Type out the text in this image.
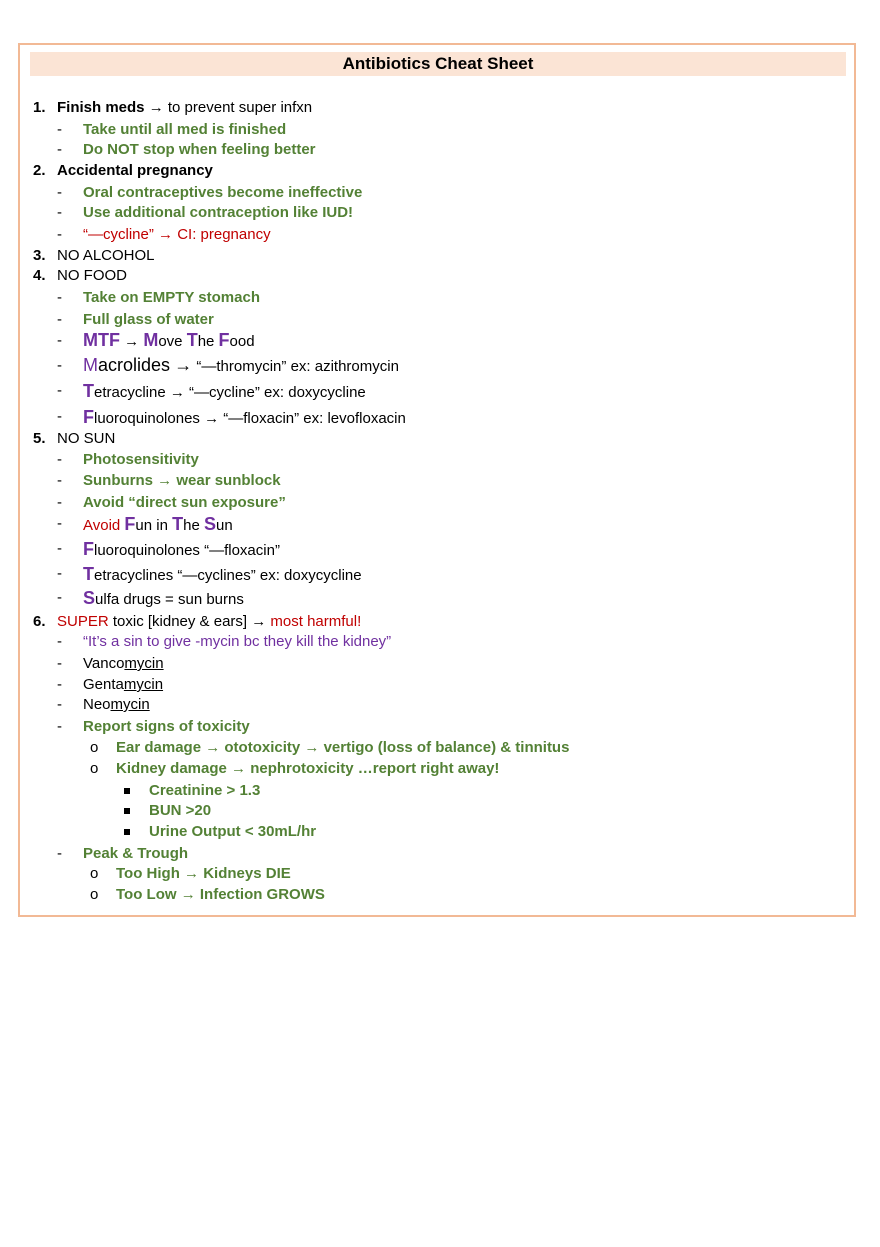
Antibiotics Cheat Sheet
1. Finish meds → to prevent super infxn
- Take until all med is finished
- Do NOT stop when feeling better
2. Accidental pregnancy
- Oral contraceptives become ineffective
- Use additional contraception like IUD!
- “—cycline” → CI: pregnancy
3. NO ALCOHOL
4. NO FOOD
- Take on EMPTY stomach
- Full glass of water
- MTF → Move The Food
- Macrolides → “—thromycin” ex: azithromycin
- Tetracycline → “—cycline” ex: doxycycline
- Fluoroquinolones → “—floxacin” ex: levofloxacin
5. NO SUN
- Photosensitivity
- Sunburns → wear sunblock
- Avoid “direct sun exposure”
- Avoid Fun in The Sun
- Fluoroquinolones “—floxacin”
- Tetracyclines “—cyclines” ex: doxycycline
- Sulfa drugs = sun burns
6. SUPER toxic [kidney & ears] → most harmful!
- “It’s a sin to give -mycin bc they kill the kidney”
- Vancomycin
- Gentamycin
- Neomycin
- Report signs of toxicity
o Ear damage → ototoxicity → vertigo (loss of balance) & tinnitus
o Kidney damage → nephrotoxicity …report right away!
Creatinine > 1.3
BUN >20
Urine Output < 30mL/hr
- Peak & Trough
o Too High → Kidneys DIE
o Too Low → Infection GROWS
